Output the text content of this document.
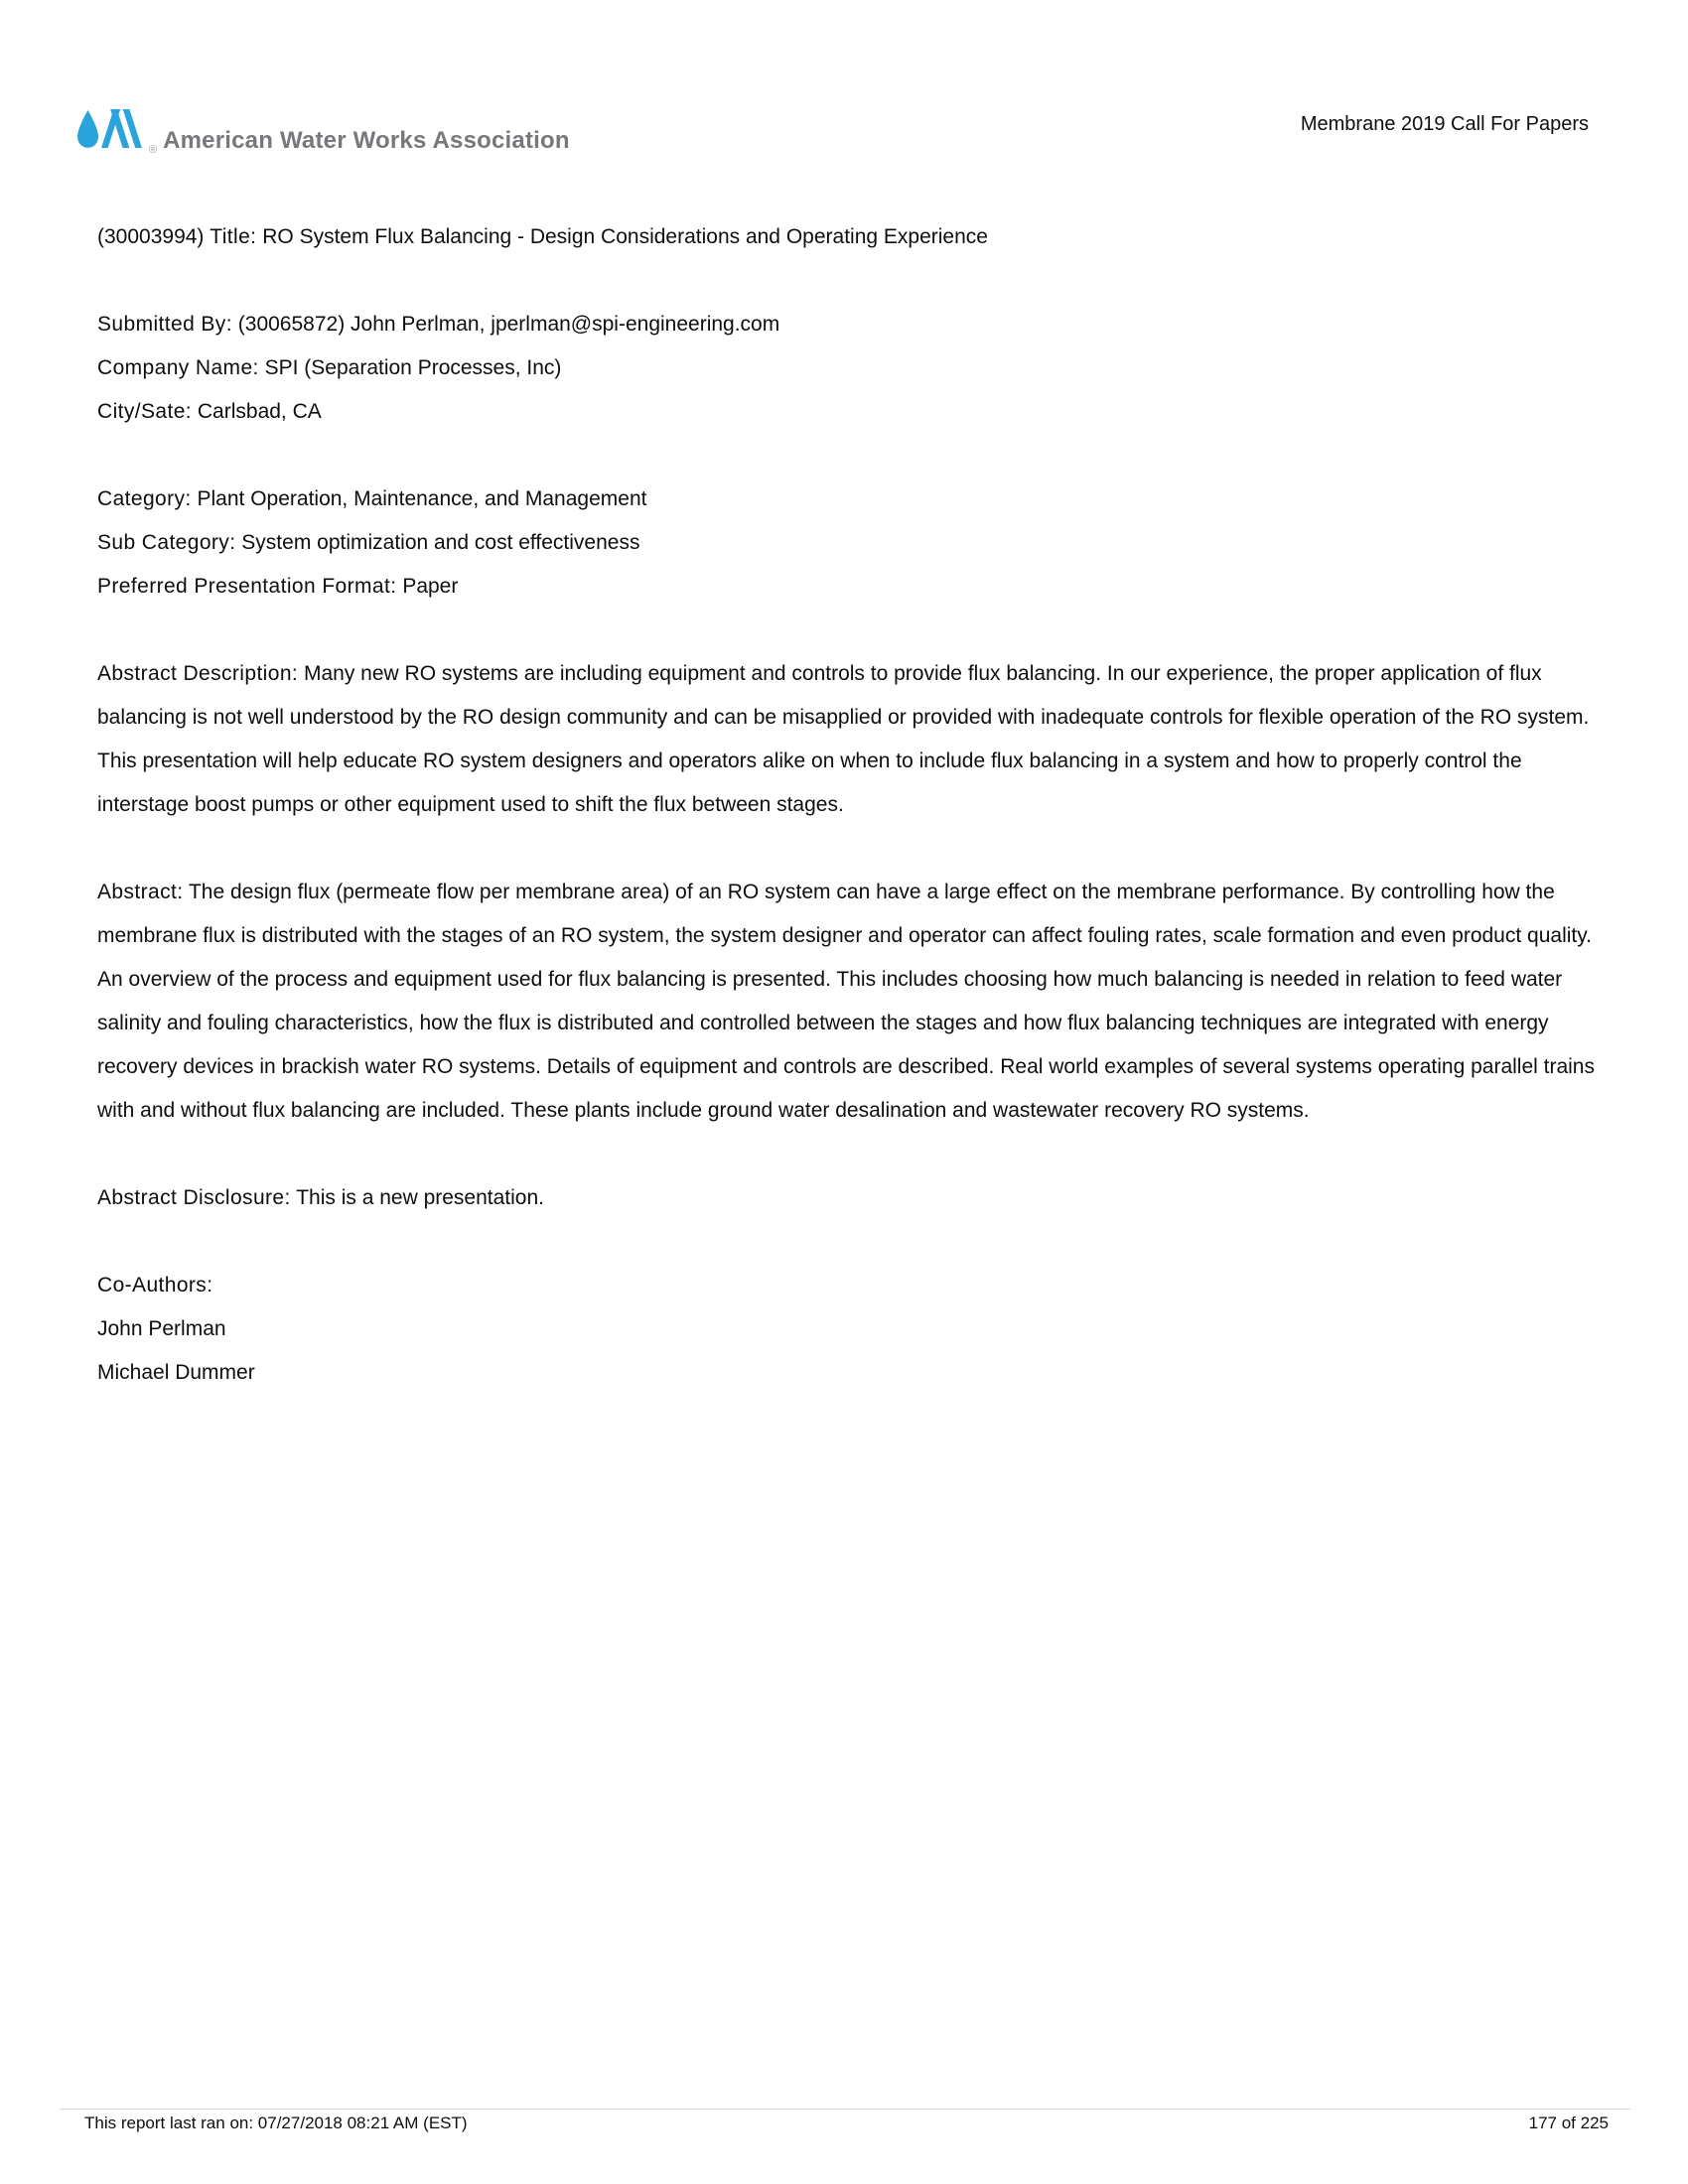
® American Water Works Association
Membrane 2019 Call For Papers

(30003994) Title: RO System Flux Balancing - Design Considerations and Operating Experience

Submitted By: (30065872) John Perlman, jperlman@spi-engineering.com

Company Name: SPI (Separation Processes, Inc)

City/Sate: Carlsbad, CA

Category: Plant Operation, Maintenance, and Management

Sub Category: System optimization and cost effectiveness

Preferred Presentation Format: Paper

Abstract Description: Many new RO systems are including equipment and controls to provide flux balancing. In our experience, the proper application of flux balancing is not well understood by the RO design community and can be misapplied or provided with inadequate controls for flexible operation of the RO system. This presentation will help educate RO system designers and operators alike on when to include flux balancing in a system and how to properly control the interstage boost pumps or other equipment used to shift the flux between stages.

Abstract: The design flux (permeate flow per membrane area) of an RO system can have a large effect on the membrane performance. By controlling how the membrane flux is distributed with the stages of an RO system, the system designer and operator can affect fouling rates, scale formation and even product quality. An overview of the process and equipment used for flux balancing is presented. This includes choosing how much balancing is needed in relation to feed water salinity and fouling characteristics, how the flux is distributed and controlled between the stages and how flux balancing techniques are integrated with energy recovery devices in brackish water RO systems. Details of equipment and controls are described. Real world examples of several systems operating parallel trains with and without flux balancing are included. These plants include ground water desalination and wastewater recovery RO systems.

Abstract Disclosure: This is a new presentation.

Co-Authors:

John Perlman

Michael Dummer

This report last ran on: 07/27/2018 08:21 AM (EST)	177 of 225
